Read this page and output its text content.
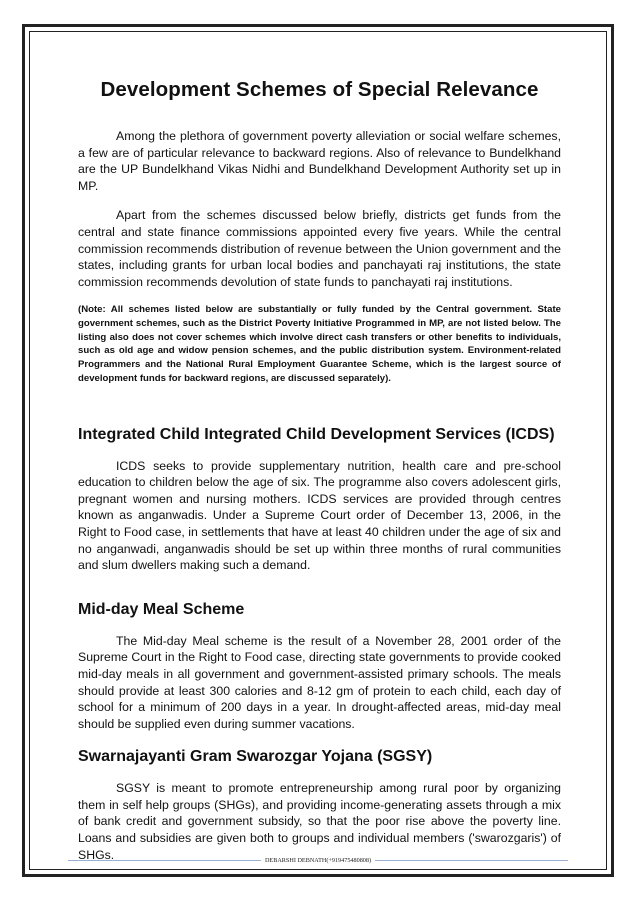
Development Schemes of Special Relevance

Among the plethora of government poverty alleviation or social welfare schemes, a few are of particular relevance to backward regions. Also of relevance to Bundelkhand are the UP Bundelkhand Vikas Nidhi and Bundelkhand Development Authority set up in MP.

Apart from the schemes discussed below briefly, districts get funds from the central and state finance commissions appointed every five years. While the central commission recommends distribution of revenue between the Union government and the states, including grants for urban local bodies and panchayati raj institutions, the state commission recommends devolution of state funds to panchayati raj institutions.

(Note: All schemes listed below are substantially or fully funded by the Central government. State government schemes, such as the District Poverty Initiative Programmed in MP, are not listed below. The listing also does not cover schemes which involve direct cash transfers or other benefits to individuals, such as old age and widow pension schemes, and the public distribution system. Environment-related Programmers and the National Rural Employment Guarantee Scheme, which is the largest source of development funds for backward regions, are discussed separately).

Integrated Child Integrated Child Development Services (ICDS)

ICDS seeks to provide supplementary nutrition, health care and pre-school education to children below the age of six. The programme also covers adolescent girls, pregnant women and nursing mothers. ICDS services are provided through centres known as anganwadis. Under a Supreme Court order of December 13, 2006, in the Right to Food case, in settlements that have at least 40 children under the age of six and no anganwadi, anganwadis should be set up within three months of rural communities and slum dwellers making such a demand.

Mid-day Meal Scheme

The Mid-day Meal scheme is the result of a November 28, 2001 order of the Supreme Court in the Right to Food case, directing state governments to provide cooked mid-day meals in all government and government-assisted primary schools. The meals should provide at least 300 calories and 8-12 gm of protein to each child, each day of school for a minimum of 200 days in a year. In drought-affected areas, mid-day meal should be supplied even during summer vacations.

Swarnajayanti Gram Swarozgar Yojana (SGSY)

SGSY is meant to promote entrepreneurship among rural poor by organizing them in self help groups (SHGs), and providing income-generating assets through a mix of bank credit and government subsidy, so that the poor rise above the poverty line. Loans and subsidies are given both to groups and individual members ('swarozgaris') of SHGs.	DEBARSHI DEBNATH(+919475480808)
